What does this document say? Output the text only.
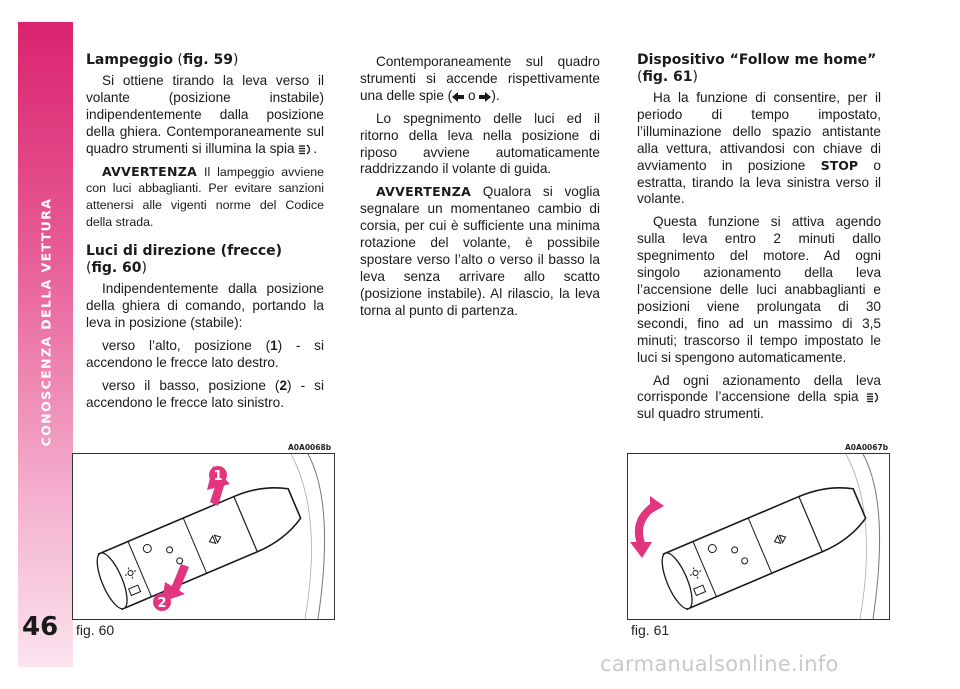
CONOSCENZA DELLA VETTURA
46
Lampeggio (fig. 59)

Si ottiene tirando la leva verso il volante (posizione instabile) indipendentemente dalla posizione della ghiera. Contemporaneamente sul quadro strumenti si illumina la spia .

AVVERTENZA Il lampeggio avviene con luci abbaglianti. Per evitare sanzioni attenersi alle vigenti norme del Codice della strada.

Luci di direzione (frecce)
(fig. 60)

Indipendentemente dalla posizione della ghiera di comando, portando la leva in posizione (stabile):

verso l’alto, posizione (1) - si accendono le frecce lato destro.

verso il basso, posizione (2) - si accendono le frecce lato sinistro.

Contemporaneamente sul quadro strumenti si accende rispettivamente una delle spie ( o ).

Lo spegnimento delle luci ed il ritorno della leva nella posizione di riposo avviene automaticamente raddrizzando il volante di guida.

AVVERTENZA Qualora si voglia segnalare un momentaneo cambio di corsia, per cui è sufficiente una minima rotazione del volante, è possibile spostare verso l’alto o verso il basso la leva senza arrivare allo scatto (posizione instabile). Al rilascio, la leva torna al punto di partenza.

Dispositivo “Follow me home”
(fig. 61)

Ha la funzione di consentire, per il periodo di tempo impostato, l’illuminazione dello spazio antistante alla vettura, attivandosi con chiave di avviamento in posizione STOP o estratta, tirando la leva sinistra verso il volante.

Questa funzione si attiva agendo sulla leva entro 2 minuti dallo spegnimento del motore. Ad ogni singolo azionamento della leva l’accensione delle luci anabbaglianti e posizioni viene prolungata di 30 secondi, fino ad un massimo di 3,5 minuti; trascorso il tempo impostato le luci si spengono automaticamente.

Ad ogni azionamento della leva corrisponde l’accensione della spia  sul quadro strumenti.

A0A0068b
1
2
fig. 60
A0A0067b
fig. 61
carmanualsonline.info
